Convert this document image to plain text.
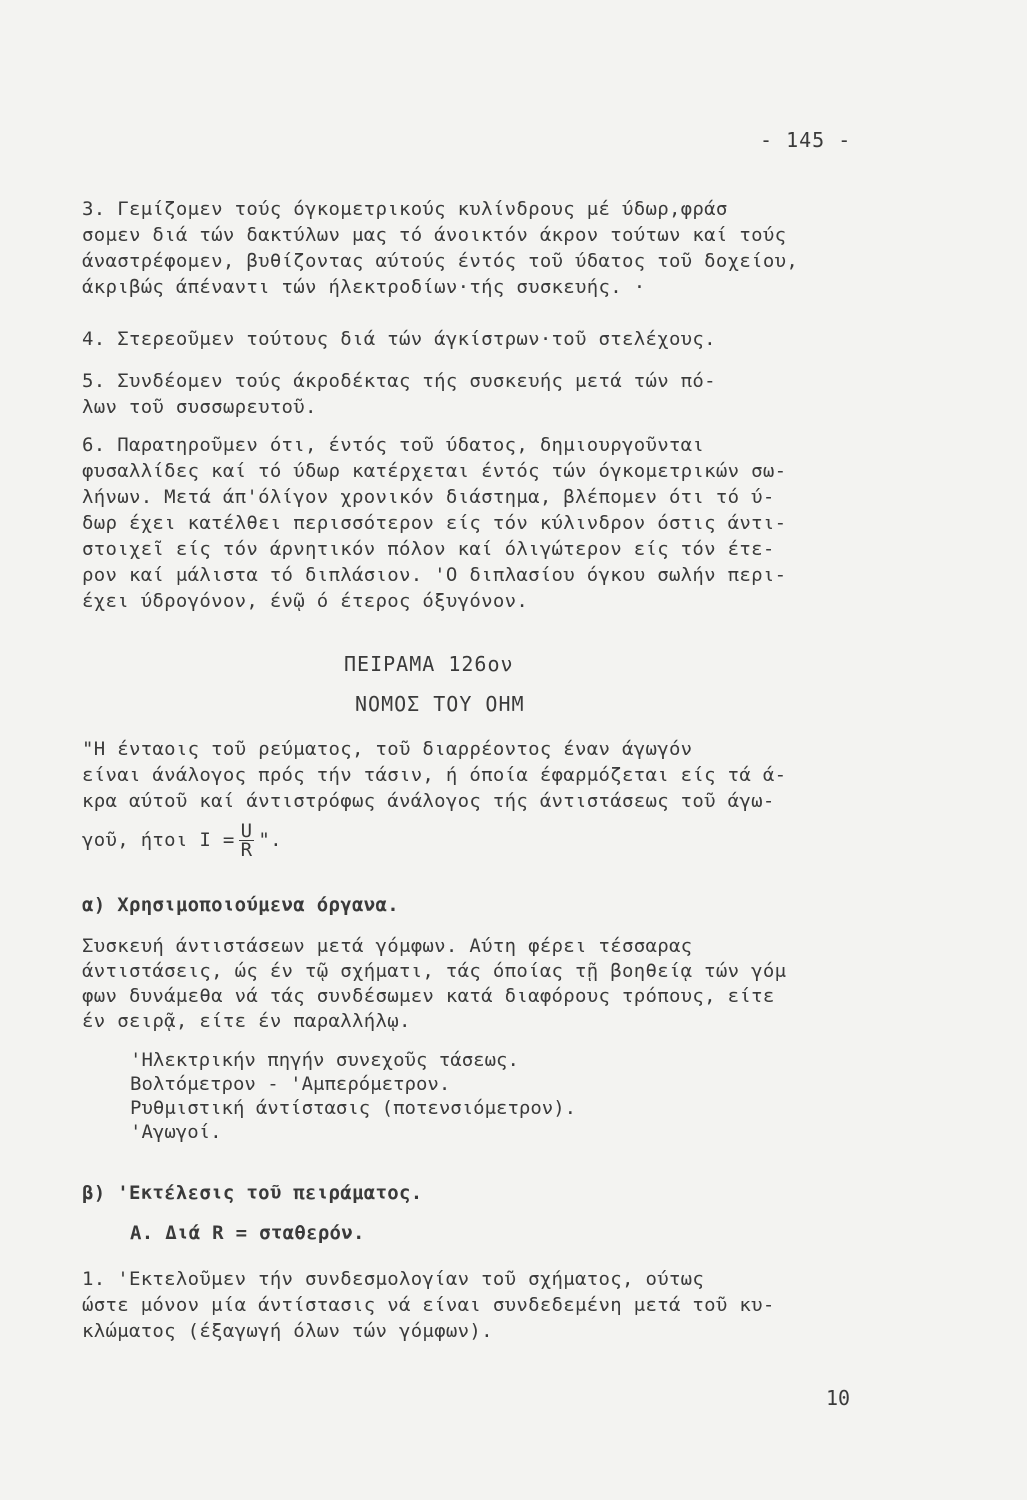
- 145 -
3. Γεμίζομεν τούς όγκομετρικούς κυλίνδρους μέ ύδωρ,φράσ
σομεν διά τών δακτύλων μας τό άνοικτόν άκρον τούτων καί τούς
άναστρέφομεν, βυθίζοντας αύτούς έντός τοῦ ύδατος τοῦ δοχείου,
άκριβώς άπέναντι τών ήλεκτροδίων·τής συσκευής. ·
4. Στερεοῦμεν τούτους διά τών άγκίστρων·τοῦ στελέχους.
5. Συνδέομεν τούς άκροδέκτας τής συσκευής μετά τών πό-
λων τοῦ συσσωρευτοῦ.
6. Παρατηροῦμεν ότι, έντός τοῦ ύδατος, δημιουργοῦνται
φυσαλλίδες καί τό ύδωρ κατέρχεται έντός τών όγκομετρικών σω-
λήνων. Μετά άπ'όλίγον χρονικόν διάστημα, βλέπομεν ότι τό ύ-
δωρ έχει κατέλθει περισσότερον είς τόν κύλινδρον όστις άντι-
στοιχεῖ είς τόν άρνητικόν πόλον καί όλιγώτερον είς τόν έτε-
ρον καί μάλιστα τό διπλάσιον. 'Ο διπλασίου όγκου σωλήν περι-
έχει ύδρογόνον, ένῷ ό έτερος όξυγόνον.
ΠΕΙΡΑΜΑ 126ον
ΝΟΜΟΣ ΤΟΥ ΟΗΜ
"Η ένταοις τοῦ ρεύματος, τοῦ διαρρέοντος έναν άγωγόν
είναι άνάλογος πρός τήν τάσιν, ή όποία έφαρμόζεται είς τά ά-
κρα αύτοῦ καί άντιστρόφως άνάλογος τής άντιστάσεως τοῦ άγω-
γοῦ, ήτοι $I = \frac{U}{R}$ ".
α) Χρησιμοποιούμενα όργανα.
Συσκευή άντιστάσεων μετά γόμφων. Αύτη φέρει τέσσαρας
άντιστάσεις, ώς έν τῷ σχήματι, τάς όποίας τῇ βοηθείᾳ τών γόμ
φων δυνάμεθα νά τάς συνδέσωμεν κατά διαφόρους τρόπους, είτε
έν σειρᾷ, είτε έν παραλλήλῳ.
'Ηλεκτρικήν πηγήν συνεχοῦς τάσεως.
Βολτόμετρον - 'Αμπερόμετρον.
Ρυθμιστική άντίστασις (ποτενσιόμετρον).
'Αγωγοί.
β) 'Εκτέλεσις τοῦ πειράματος.
Α. Διά R = σταθερόν.
1. 'Εκτελοῦμεν τήν συνδεσμολογίαν τοῦ σχήματος, ούτως
ώστε μόνον μία άντίστασις νά είναι συνδεδεμένη μετά τοῦ κυ-
κλώματος (έξαγωγή όλων τών γόμφων).
10
